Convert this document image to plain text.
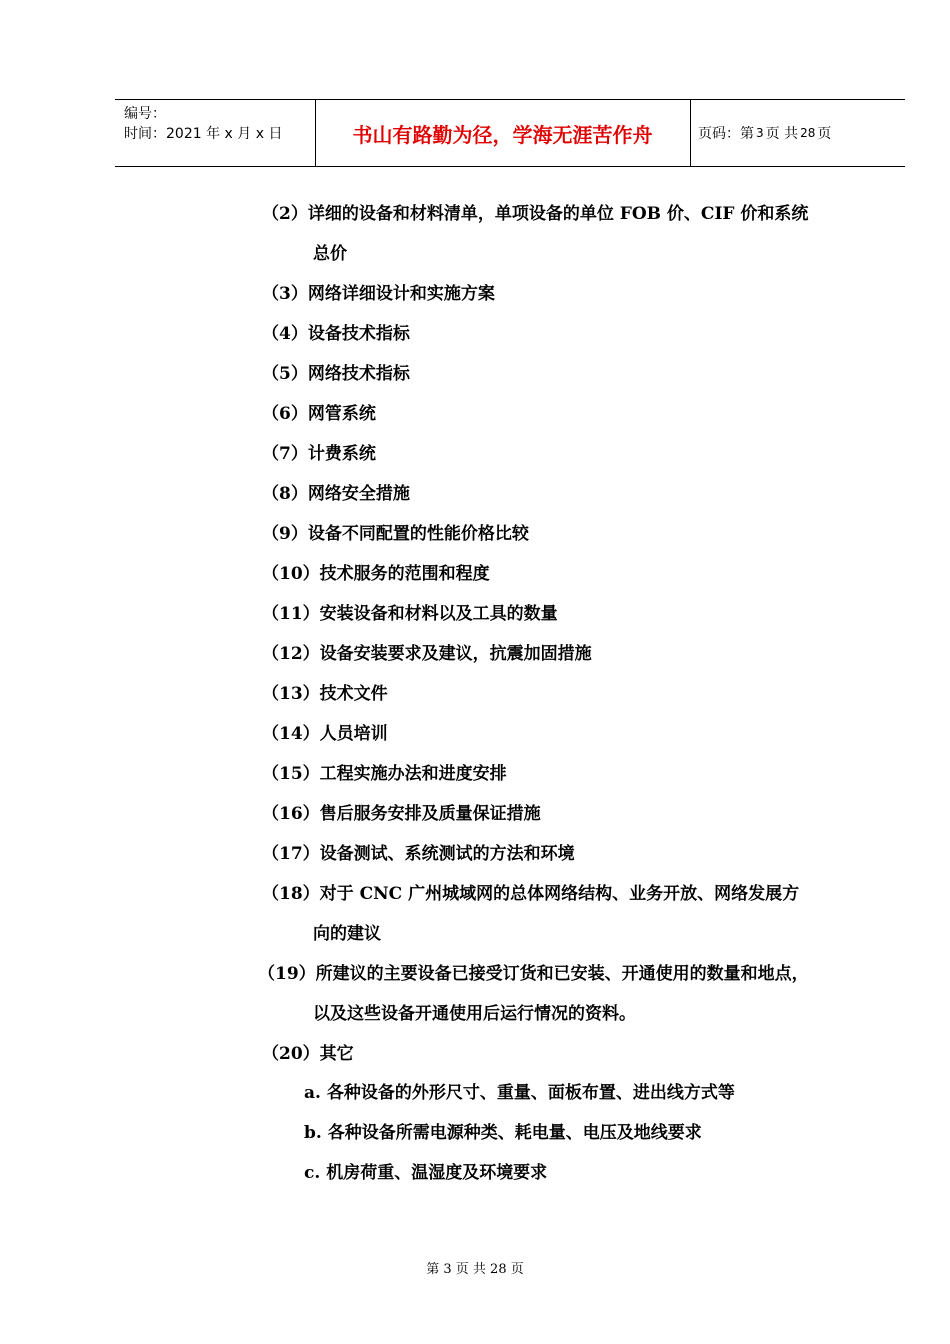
编号：
时间：2021 年 x 月 x 日	书山有路勤为径，学海无涯苦作舟	页码：第 3 页 共 28 页
（2）详细的设备和材料清单，单项设备的单位 FOB 价、CIF 价和系统
总价
（3）网络详细设计和实施方案
（4）设备技术指标
（5）网络技术指标
（6）网管系统
（7）计费系统
（8）网络安全措施
（9）设备不同配置的性能价格比较
（10）技术服务的范围和程度
（11）安装设备和材料以及工具的数量
（12）设备安装要求及建议，抗震加固措施
（13）技术文件
（14）人员培训
（15）工程实施办法和进度安排
（16）售后服务安排及质量保证措施
（17）设备测试、系统测试的方法和环境
（18）对于 CNC 广州城域网的总体网络结构、业务开放、网络发展方
向的建议
（19）所建议的主要设备已接受订货和已安装、开通使用的数量和地点，
以及这些设备开通使用后运行情况的资料。
（20）其它
a. 各种设备的外形尺寸、重量、面板布置、进出线方式等
b. 各种设备所需电源种类、耗电量、电压及地线要求
c. 机房荷重、温湿度及环境要求
第 3 页 共 28 页
